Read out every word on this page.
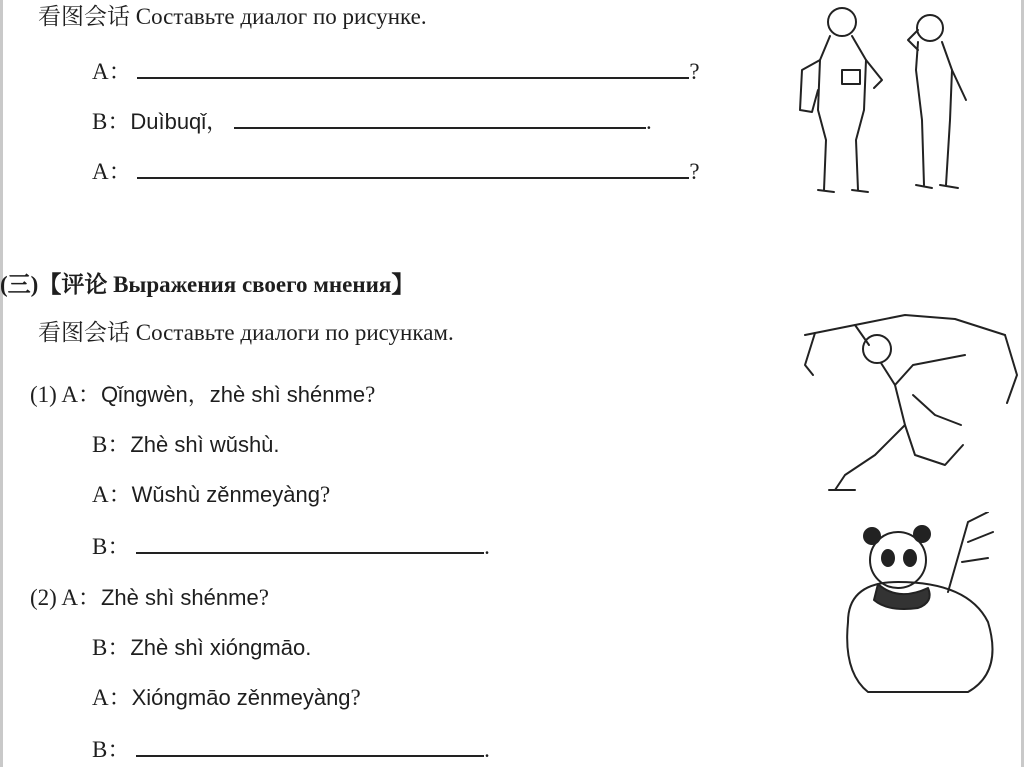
看图会话 Составьте диалог по рисунке.
A：	?
B：Duìbuqǐ，	.
A：	?
(三)【评论 Выражения своего мнения】
看图会话 Составьте диалоги по рисункам.
(1) A：Qǐngwèn，zhè shì shénme?
B：Zhè shì wǔshù.
A：Wǔshù zěnmeyàng?
B：	.
(2) A：Zhè shì shénme?
B：Zhè shì xióngmāo.
A：Xióngmāo zěnmeyàng?
B：	.
